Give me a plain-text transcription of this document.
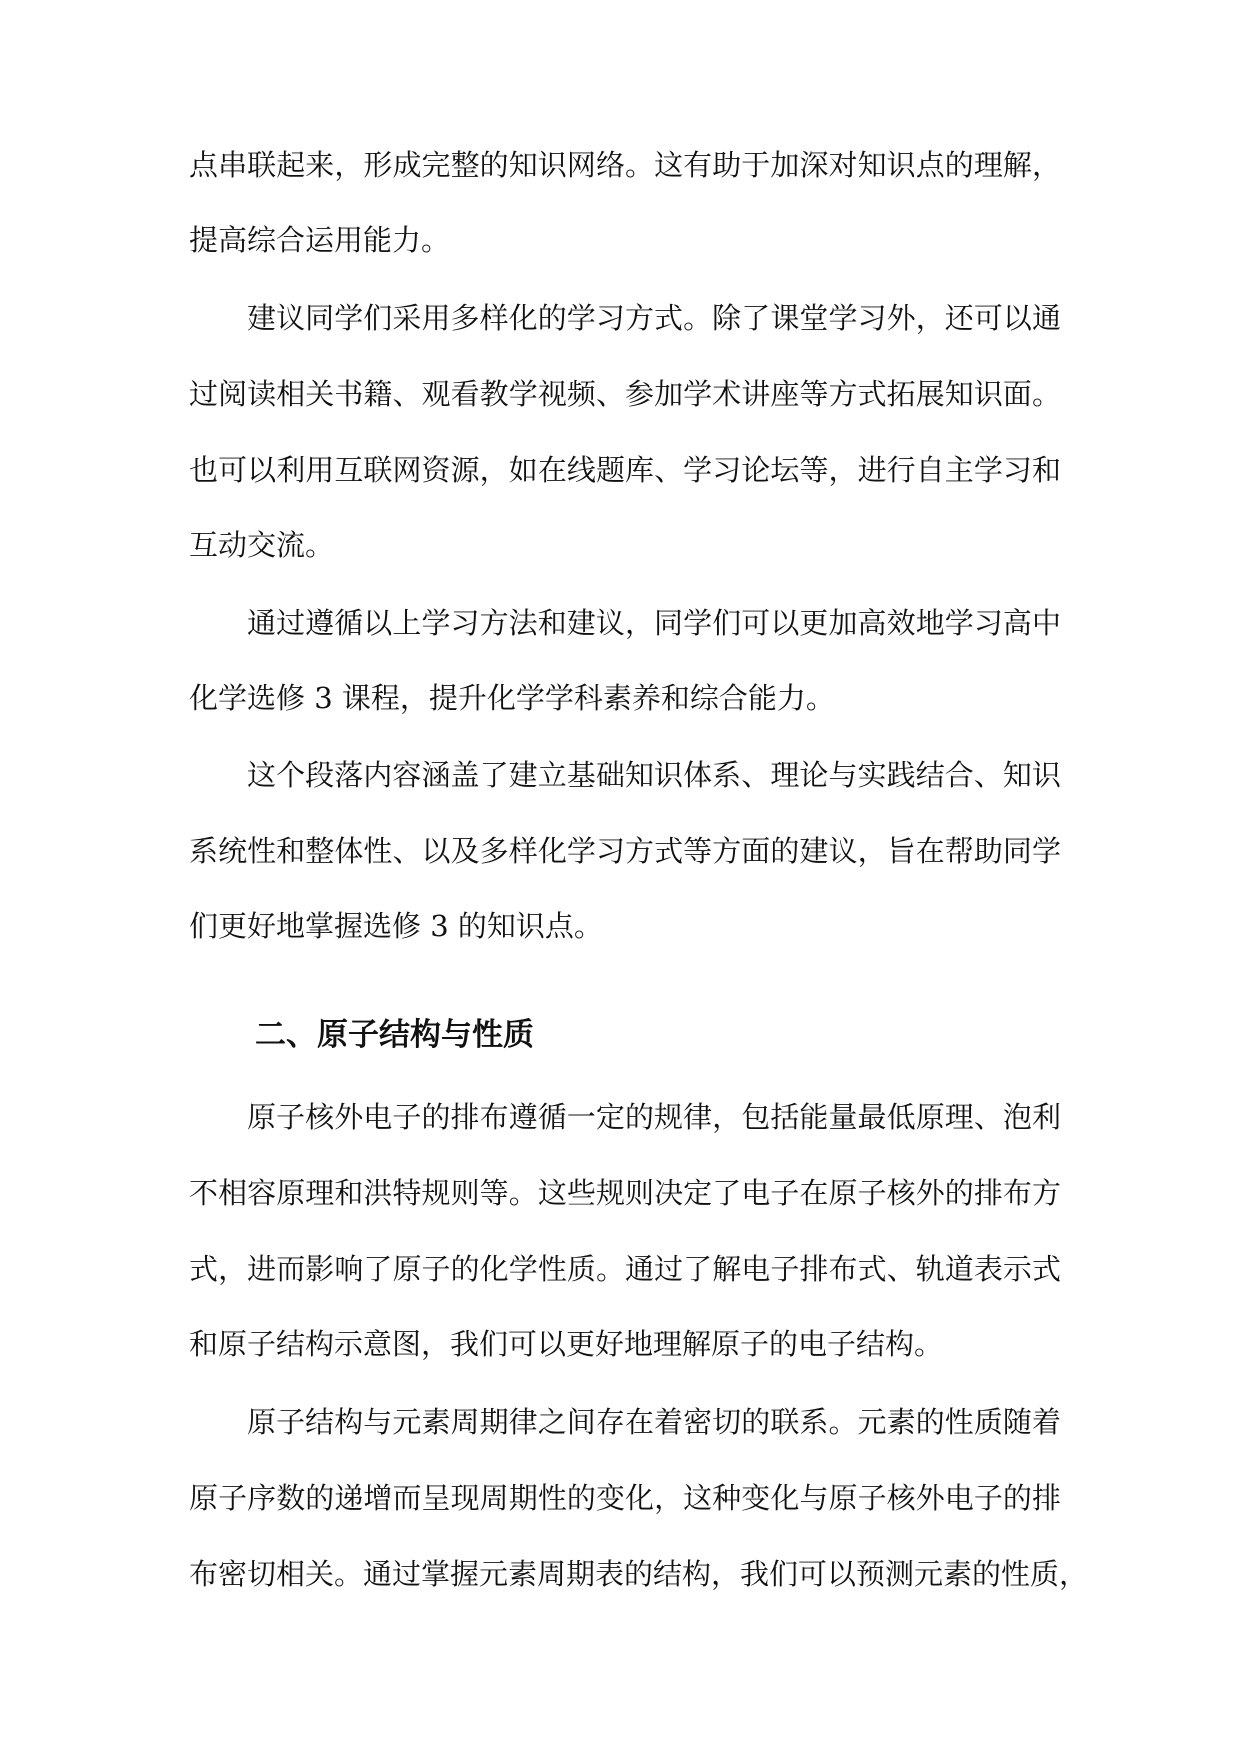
点串联起来，形成完整的知识网络。这有助于加深对知识点的理解，

提高综合运用能力。

建议同学们采用多样化的学习方式。除了课堂学习外，还可以通

过阅读相关书籍、观看教学视频、参加学术讲座等方式拓展知识面。

也可以利用互联网资源，如在线题库、学习论坛等，进行自主学习和

互动交流。

通过遵循以上学习方法和建议，同学们可以更加高效地学习高中

化学选修 3 课程，提升化学学科素养和综合能力。

这个段落内容涵盖了建立基础知识体系、理论与实践结合、知识

系统性和整体性、以及多样化学习方式等方面的建议，旨在帮助同学

们更好地掌握选修 3 的知识点。

二、原子结构与性质

原子核外电子的排布遵循一定的规律，包括能量最低原理、泡利

不相容原理和洪特规则等。这些规则决定了电子在原子核外的排布方

式，进而影响了原子的化学性质。通过了解电子排布式、轨道表示式

和原子结构示意图，我们可以更好地理解原子的电子结构。

原子结构与元素周期律之间存在着密切的联系。元素的性质随着

原子序数的递增而呈现周期性的变化，这种变化与原子核外电子的排

布密切相关。通过掌握元素周期表的结构，我们可以预测元素的性质，
